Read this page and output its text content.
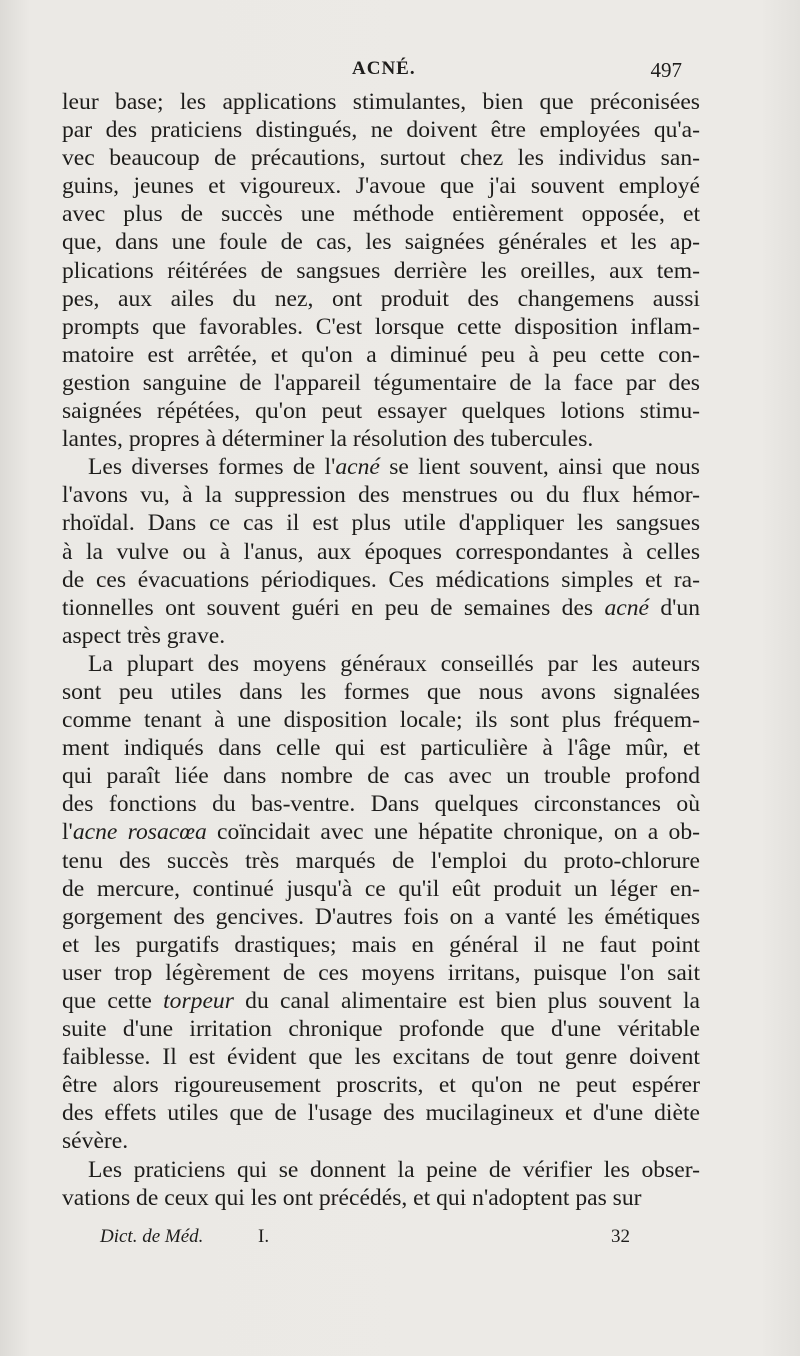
ACNÉ.	497
leur base; les applications stimulantes, bien que préconisées
par des praticiens distingués, ne doivent être employées qu'a-
vec beaucoup de précautions, surtout chez les individus san-
guins, jeunes et vigoureux. J'avoue que j'ai souvent employé
avec plus de succès une méthode entièrement opposée, et
que, dans une foule de cas, les saignées générales et les ap-
plications réitérées de sangsues derrière les oreilles, aux tem-
pes, aux ailes du nez, ont produit des changemens aussi
prompts que favorables. C'est lorsque cette disposition inflam-
matoire est arrêtée, et qu'on a diminué peu à peu cette con-
gestion sanguine de l'appareil tégumentaire de la face par des
saignées répétées, qu'on peut essayer quelques lotions stimu-
lantes, propres à déterminer la résolution des tubercules.
Les diverses formes de l'acné se lient souvent, ainsi que nous
l'avons vu, à la suppression des menstrues ou du flux hémor-
rhoïdal. Dans ce cas il est plus utile d'appliquer les sangsues
à la vulve ou à l'anus, aux époques correspondantes à celles
de ces évacuations périodiques. Ces médications simples et ra-
tionnelles ont souvent guéri en peu de semaines des acné d'un
aspect très grave.
La plupart des moyens généraux conseillés par les auteurs
sont peu utiles dans les formes que nous avons signalées
comme tenant à une disposition locale; ils sont plus fréquem-
ment indiqués dans celle qui est particulière à l'âge mûr, et
qui paraît liée dans nombre de cas avec un trouble profond
des fonctions du bas-ventre. Dans quelques circonstances où
l'acne rosacœa coïncidait avec une hépatite chronique, on a ob-
tenu des succès très marqués de l'emploi du proto-chlorure
de mercure, continué jusqu'à ce qu'il eût produit un léger en-
gorgement des gencives. D'autres fois on a vanté les émétiques
et les purgatifs drastiques; mais en général il ne faut point
user trop légèrement de ces moyens irritans, puisque l'on sait
que cette torpeur du canal alimentaire est bien plus souvent la
suite d'une irritation chronique profonde que d'une véritable
faiblesse. Il est évident que les excitans de tout genre doivent
être alors rigoureusement proscrits, et qu'on ne peut espérer
des effets utiles que de l'usage des mucilagineux et d'une diète
sévère.
Les praticiens qui se donnent la peine de vérifier les obser-
vations de ceux qui les ont précédés, et qui n'adoptent pas sur
Dict. de Méd.	I.	32
